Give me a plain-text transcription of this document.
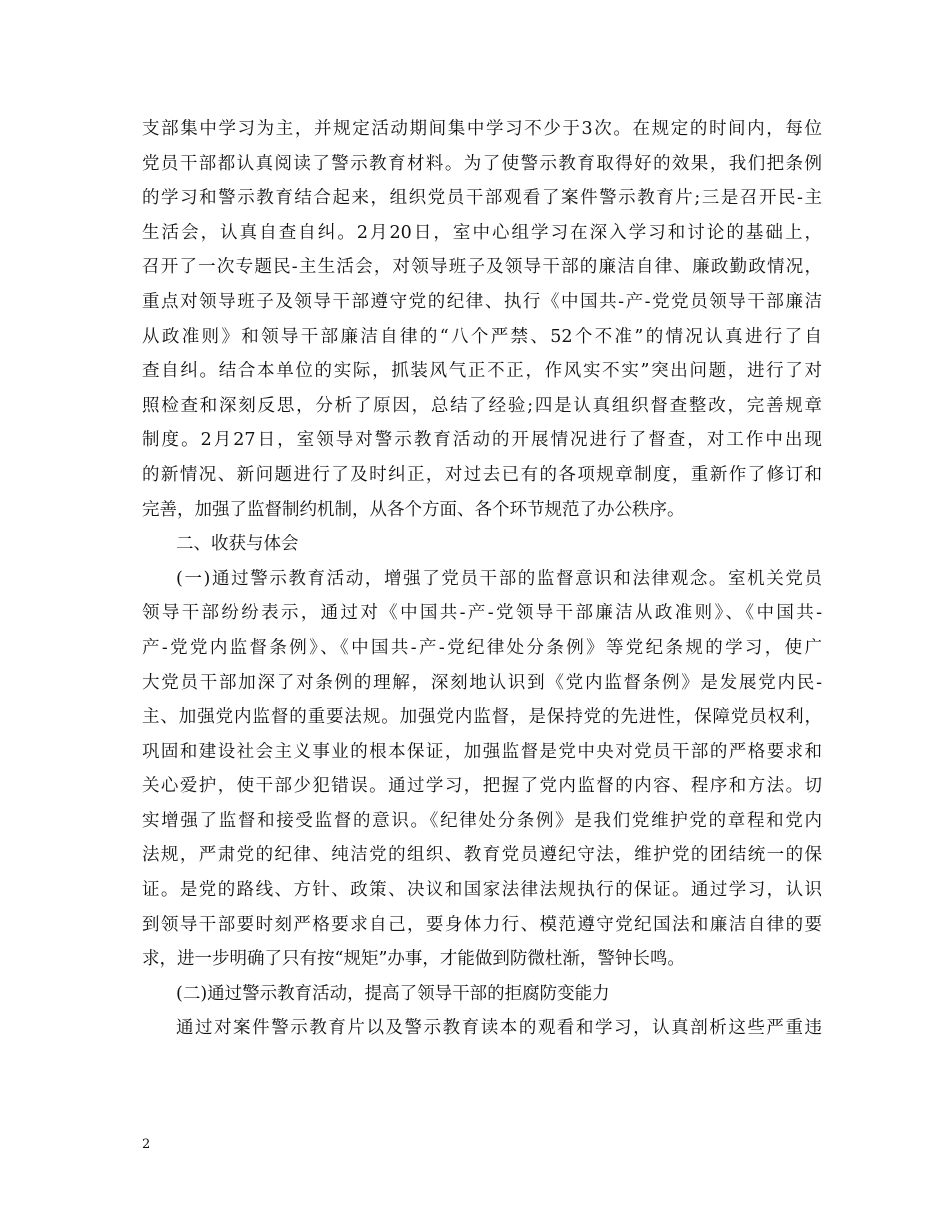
支部集中学习为主，并规定活动期间集中学习不少于3次。在规定的时间内，每位
党员干部都认真阅读了警示教育材料。为了使警示教育取得好的效果，我们把条例
的学习和警示教育结合起来，组织党员干部观看了案件警示教育片;三是召开民-主
生活会，认真自查自纠。2月20日，室中心组学习在深入学习和讨论的基础上，
召开了一次专题民-主生活会，对领导班子及领导干部的廉洁自律、廉政勤政情况，
重点对领导班子及领导干部遵守党的纪律、执行《中国共-产-党党员领导干部廉洁
从政准则》和领导干部廉洁自律的“八个严禁、52个不准”的情况认真进行了自
查自纠。结合本单位的实际，抓装风气正不正，作风实不实”突出问题，进行了对
照检查和深刻反思，分析了原因，总结了经验;四是认真组织督查整改，完善规章
制度。2月27日，室领导对警示教育活动的开展情况进行了督查，对工作中出现
的新情况、新问题进行了及时纠正，对过去已有的各项规章制度，重新作了修订和
完善，加强了监督制约机制，从各个方面、各个环节规范了办公秩序。
二、收获与体会
(一)通过警示教育活动，增强了党员干部的监督意识和法律观念。室机关党员
领导干部纷纷表示，通过对《中国共-产-党领导干部廉洁从政准则》、《中国共-
产-党党内监督条例》、《中国共-产-党纪律处分条例》等党纪条规的学习，使广
大党员干部加深了对条例的理解，深刻地认识到《党内监督条例》是发展党内民-
主、加强党内监督的重要法规。加强党内监督，是保持党的先进性，保障党员权利，
巩固和建设社会主义事业的根本保证，加强监督是党中央对党员干部的严格要求和
关心爱护，使干部少犯错误。通过学习，把握了党内监督的内容、程序和方法。切
实增强了监督和接受监督的意识。《纪律处分条例》是我们党维护党的章程和党内
法规，严肃党的纪律、纯洁党的组织、教育党员遵纪守法，维护党的团结统一的保
证。是党的路线、方针、政策、决议和国家法律法规执行的保证。通过学习，认识
到领导干部要时刻严格要求自己，要身体力行、模范遵守党纪国法和廉洁自律的要
求，进一步明确了只有按“规矩”办事，才能做到防微杜渐，警钟长鸣。
(二)通过警示教育活动，提高了领导干部的拒腐防变能力
通过对案件警示教育片以及警示教育读本的观看和学习，认真剖析这些严重违
2
